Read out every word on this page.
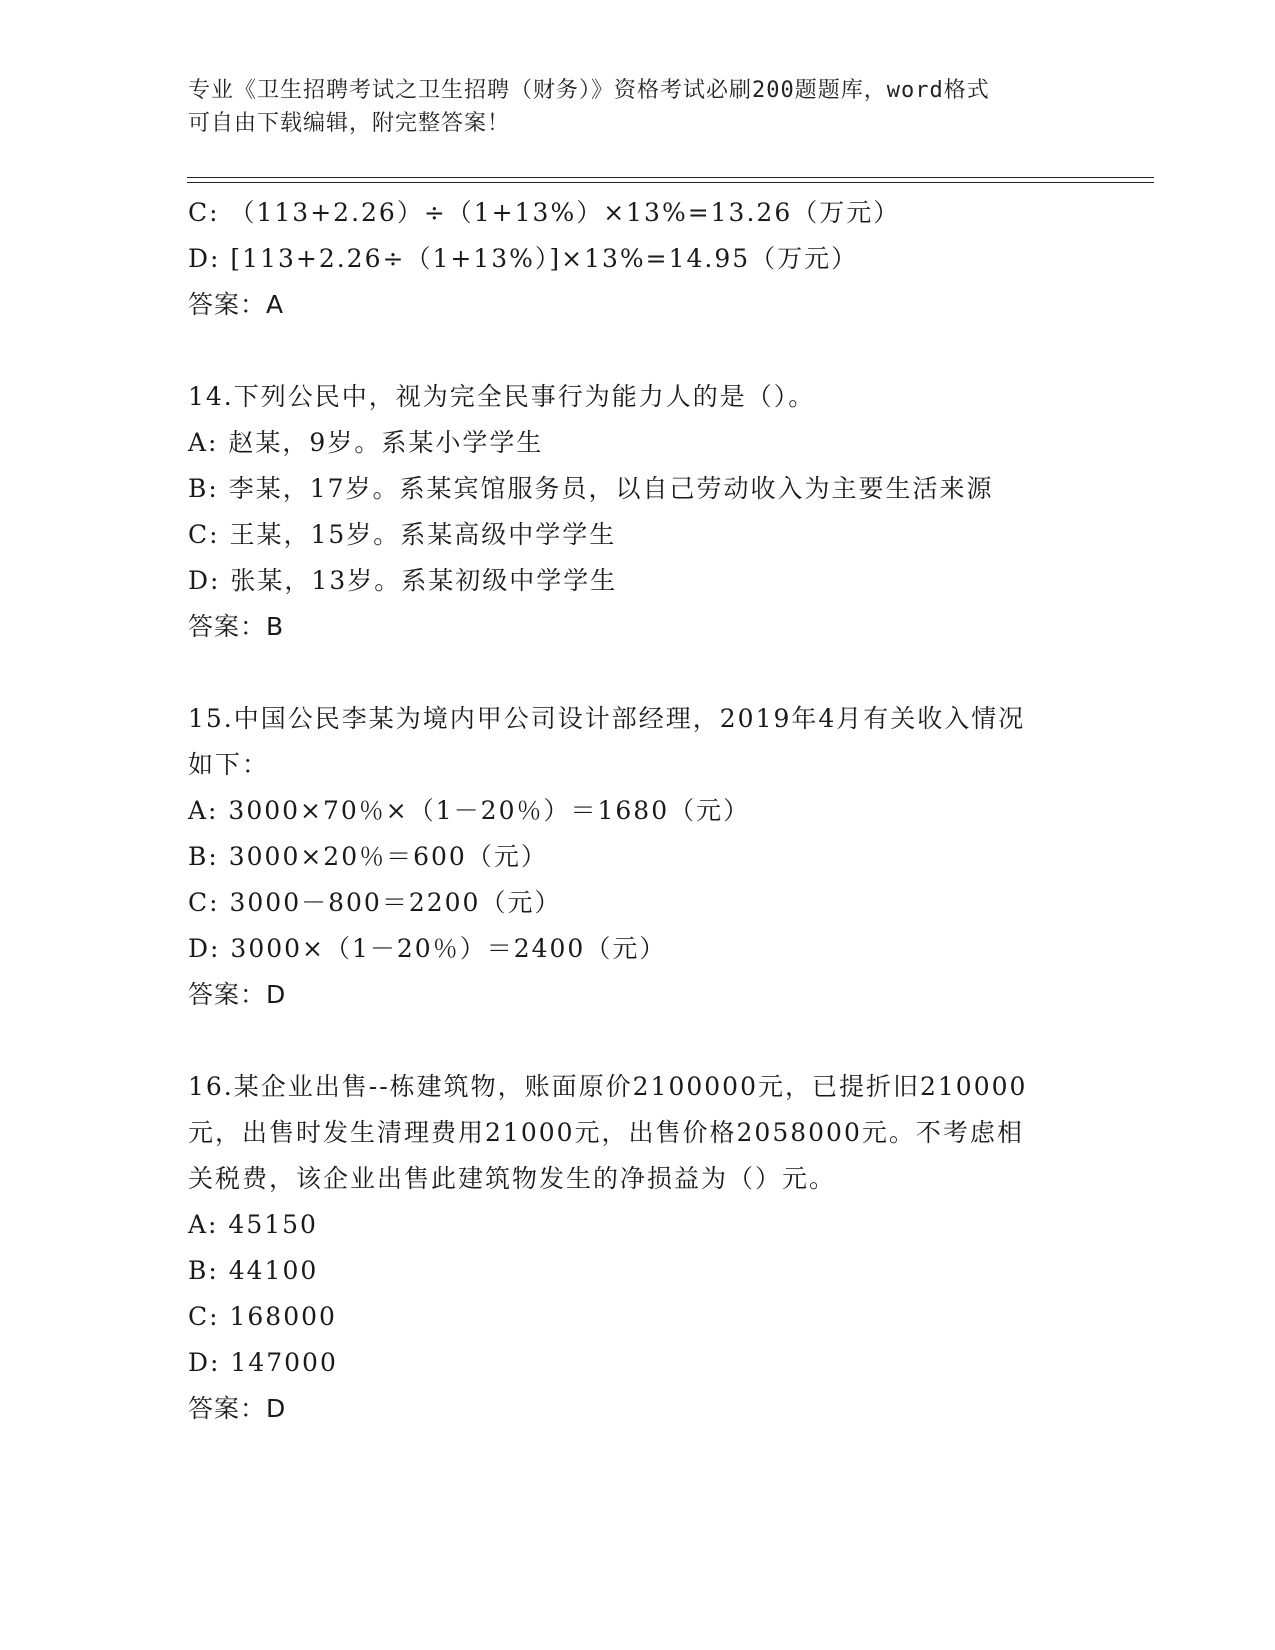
专业《卫生招聘考试之卫生招聘（财务）》资格考试必刷200题题库，word格式
可自由下载编辑，附完整答案！
C: （113+2.26）÷（1+13%）×13%=13.26（万元）
D: [113+2.26÷（1+13%）]×13%=14.95（万元）
答案：A
14.下列公民中，视为完全民事行为能力人的是（）。
A: 赵某，9岁。系某小学学生
B: 李某，17岁。系某宾馆服务员，以自己劳动收入为主要生活来源
C: 王某，15岁。系某高级中学学生
D: 张某，13岁。系某初级中学学生
答案：B
15.中国公民李某为境内甲公司设计部经理，2019年4月有关收入情况
如下：
A: 3000×70％×（1－20％）＝1680（元）
B: 3000×20％＝600（元）
C: 3000－800＝2200（元）
D: 3000×（1－20％）＝2400（元）
答案：D
16.某企业出售--栋建筑物，账面原价2100000元，已提折旧210000
元，出售时发生清理费用21000元，出售价格2058000元。不考虑相
关税费，该企业出售此建筑物发生的净损益为（）元。
A: 45150
B: 44100
C: 168000
D: 147000
答案：D
